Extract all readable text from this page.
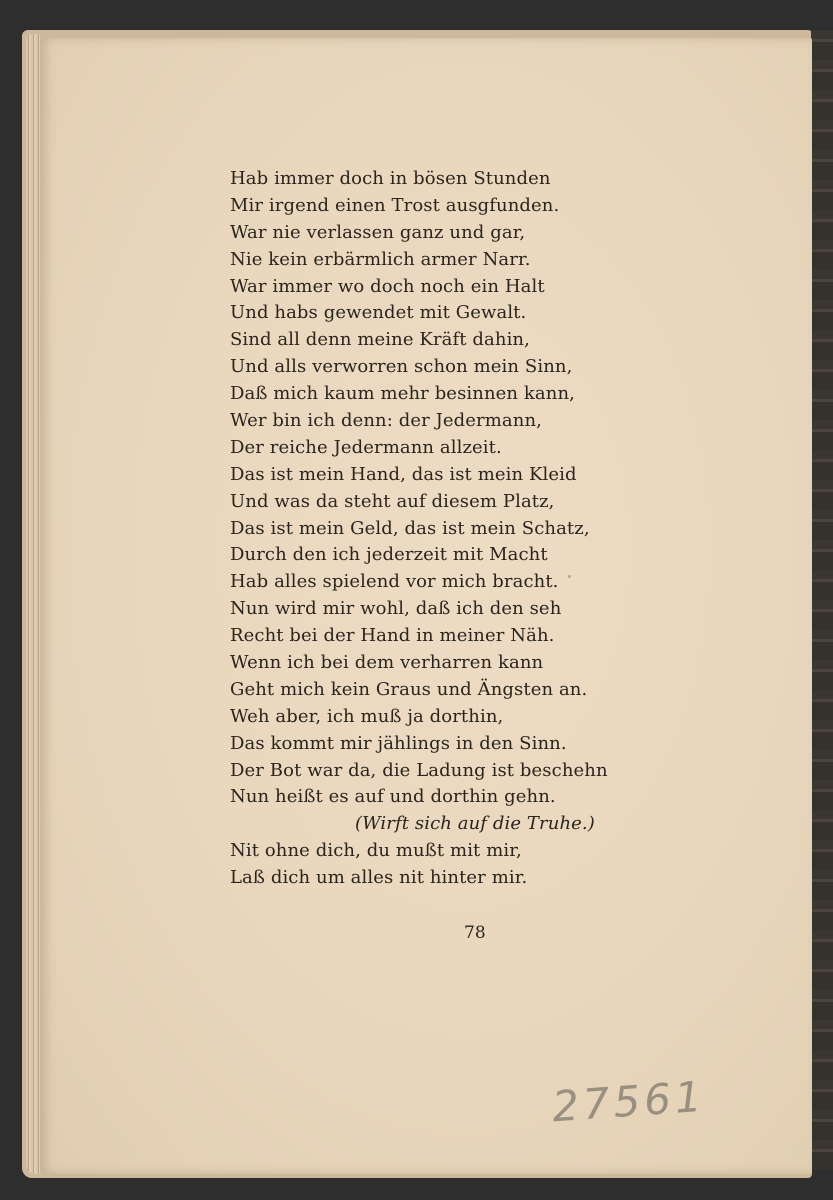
Hab immer doch in bösen Stunden
Mir irgend einen Trost ausgfunden.
War nie verlassen ganz und gar,
Nie kein erbärmlich armer Narr.
War immer wo doch noch ein Halt
Und habs gewendet mit Gewalt.
Sind all denn meine Kräft dahin,
Und alls verworren schon mein Sinn,
Daß mich kaum mehr besinnen kann,
Wer bin ich denn: der Jedermann,
Der reiche Jedermann allzeit.
Das ist mein Hand, das ist mein Kleid
Und was da steht auf diesem Platz,
Das ist mein Geld, das ist mein Schatz,
Durch den ich jederzeit mit Macht
Hab alles spielend vor mich bracht.
Nun wird mir wohl, daß ich den seh
Recht bei der Hand in meiner Näh.
Wenn ich bei dem verharren kann
Geht mich kein Graus und Ängsten an.
Weh aber, ich muß ja dorthin,
Das kommt mir jählings in den Sinn.
Der Bot war da, die Ladung ist beschehn
Nun heißt es auf und dorthin gehn.
(Wirft sich auf die Truhe.)
Nit ohne dich, du mußt mit mir,
Laß dich um alles nit hinter mir.
78
27561
